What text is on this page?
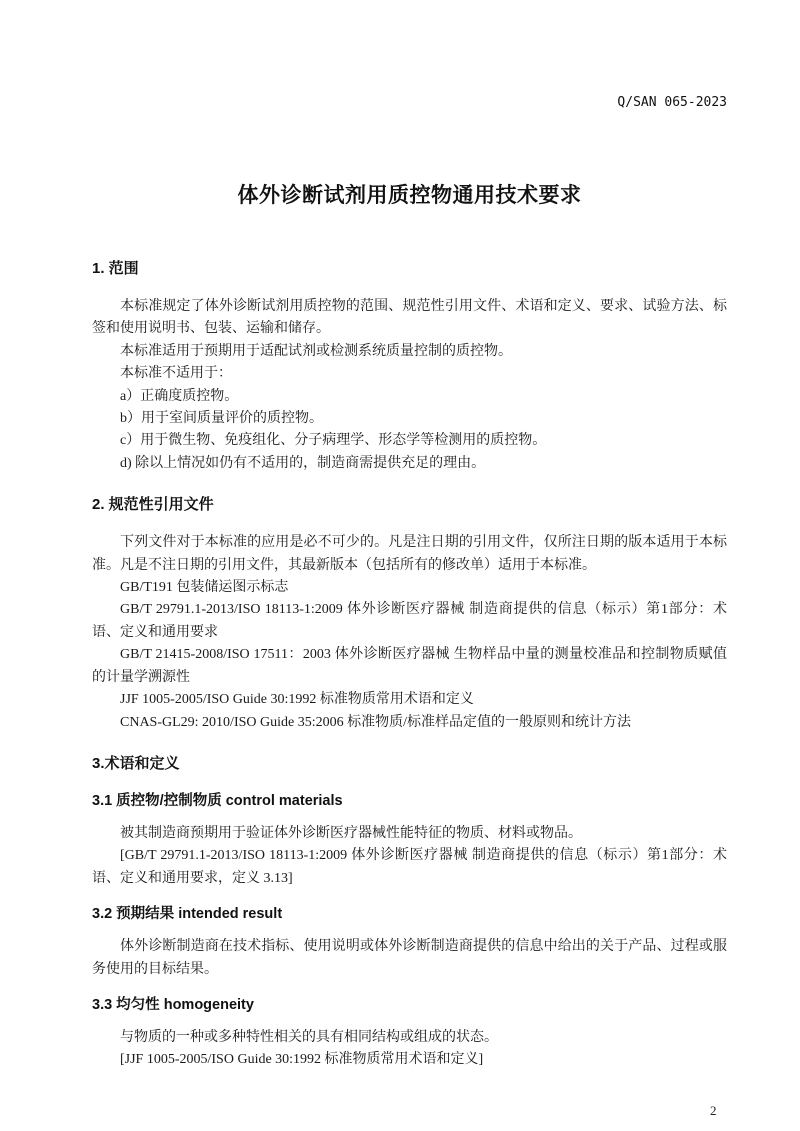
Q/SAN 065-2023
体外诊断试剂用质控物通用技术要求
1. 范围

本标准规定了体外诊断试剂用质控物的范围、规范性引用文件、术语和定义、要求、试验方法、标签和使用说明书、包装、运输和储存。

本标准适用于预期用于适配试剂或检测系统质量控制的质控物。

本标准不适用于：

a）正确度质控物。

b）用于室间质量评价的质控物。

c）用于微生物、免疫组化、分子病理学、形态学等检测用的质控物。

d) 除以上情况如仍有不适用的，制造商需提供充足的理由。

2. 规范性引用文件

下列文件对于本标准的应用是必不可少的。凡是注日期的引用文件，仅所注日期的版本适用于本标准。凡是不注日期的引用文件，其最新版本（包括所有的修改单）适用于本标准。

GB/T191 包装储运图示标志

GB/T 29791.1-2013/ISO 18113-1:2009 体外诊断医疗器械 制造商提供的信息（标示）第1部分：术语、定义和通用要求

GB/T 21415-2008/ISO 17511：2003 体外诊断医疗器械 生物样品中量的测量校准品和控制物质赋值的计量学溯源性

JJF 1005-2005/ISO Guide 30:1992 标准物质常用术语和定义

CNAS-GL29: 2010/ISO Guide 35:2006 标准物质/标准样品定值的一般原则和统计方法

3.术语和定义
3.1 质控物/控制物质 control materials

被其制造商预期用于验证体外诊断医疗器械性能特征的物质、材料或物品。

[GB/T 29791.1-2013/ISO 18113-1:2009 体外诊断医疗器械 制造商提供的信息（标示）第1部分：术语、定义和通用要求，定义 3.13]

3.2 预期结果 intended result

体外诊断制造商在技术指标、使用说明或体外诊断制造商提供的信息中给出的关于产品、过程或服务使用的目标结果。

3.3 均匀性 homogeneity

与物质的一种或多种特性相关的具有相同结构或组成的状态。

[JJF 1005-2005/ISO Guide 30:1992 标准物质常用术语和定义]

2
